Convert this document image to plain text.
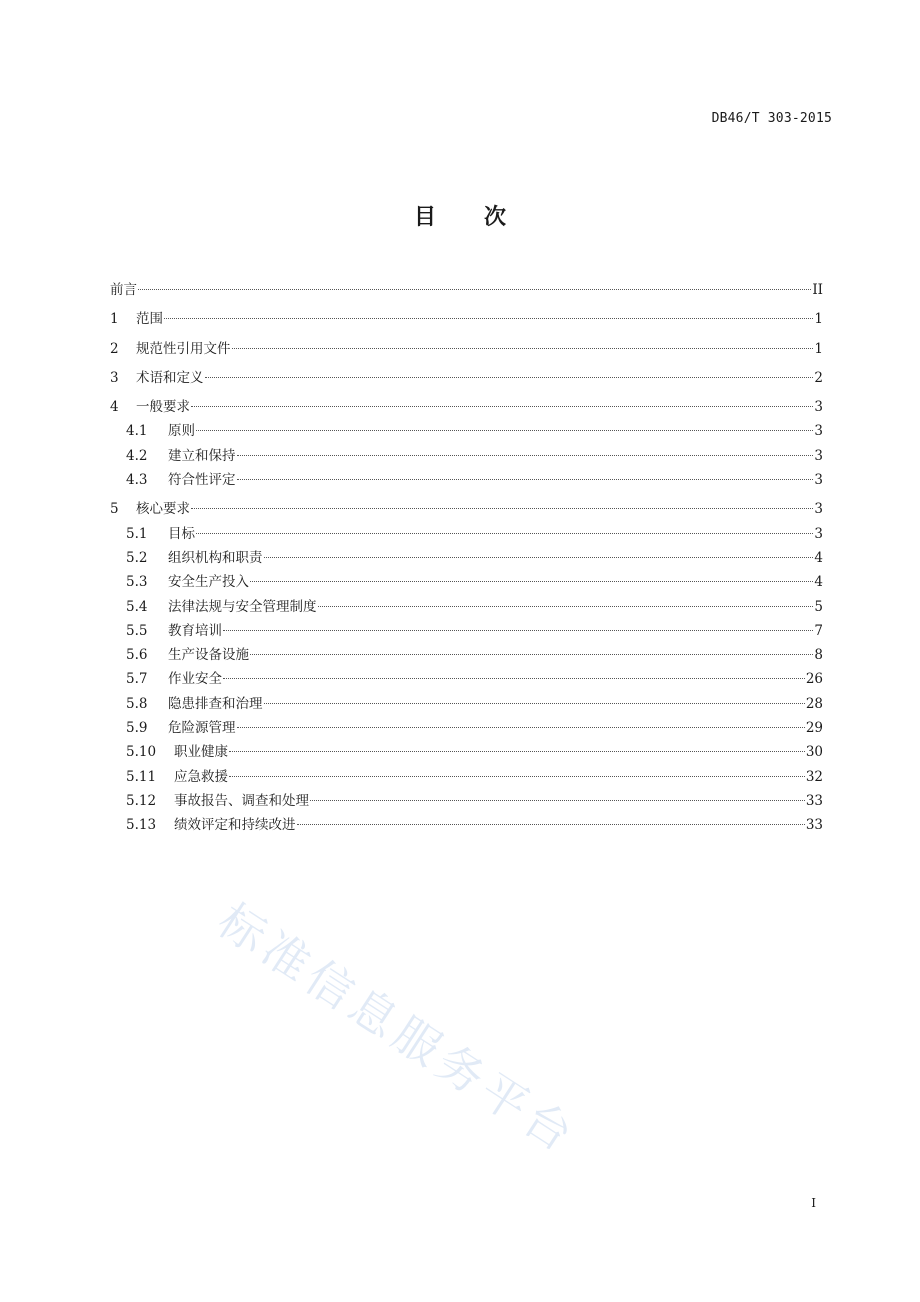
DB46/T 303-2015
目 次
前言	II
1	范围	1
2	规范性引用文件	1
3	术语和定义	2
4	一般要求	3
4.1	原则	3
4.2	建立和保持	3
4.3	符合性评定	3
5	核心要求	3
5.1	目标	3
5.2	组织机构和职责	4
5.3	安全生产投入	4
5.4	法律法规与安全管理制度	5
5.5	教育培训	7
5.6	生产设备设施	8
5.7	作业安全	26
5.8	隐患排查和治理	28
5.9	危险源管理	29
5.10	职业健康	30
5.11	应急救援	32
5.12	事故报告、调查和处理	33
5.13	绩效评定和持续改进	33
标准信息服务平台
I
